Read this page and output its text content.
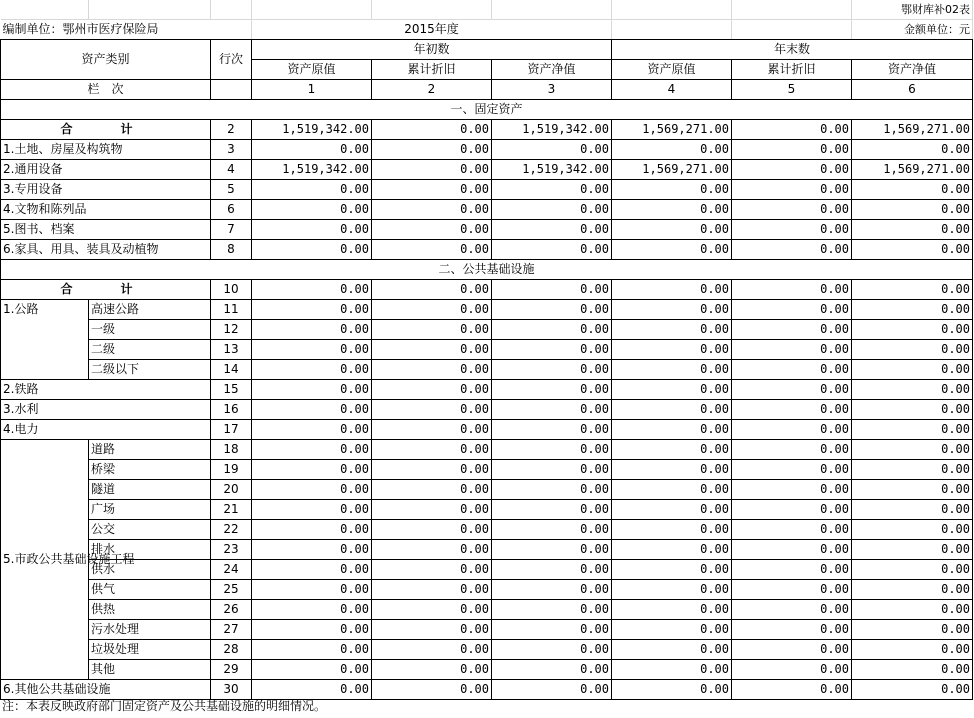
								鄂财库补02表
编制单位：鄂州市医疗保险局			2015年度					金额单位：元
资产类别		行次	年初数			年末数		
			资产原值	累计折旧	资产净值	资产原值	累计折旧	资产净值
栏　次			1	2	3	4	5	6
一、固定资产								
合　计		2	1,519,342.00	0.00	1,519,342.00	1,569,271.00	0.00	1,569,271.00
1.土地、房屋及构筑物		3	0.00	0.00	0.00	0.00	0.00	0.00
2.通用设备		4	1,519,342.00	0.00	1,519,342.00	1,569,271.00	0.00	1,569,271.00
3.专用设备		5	0.00	0.00	0.00	0.00	0.00	0.00
4.文物和陈列品		6	0.00	0.00	0.00	0.00	0.00	0.00
5.图书、档案		7	0.00	0.00	0.00	0.00	0.00	0.00
6.家具、用具、装具及动植物		8	0.00	0.00	0.00	0.00	0.00	0.00
二、公共基础设施								
合　计		10	0.00	0.00	0.00	0.00	0.00	0.00
1.公路	高速公路	11	0.00	0.00	0.00	0.00	0.00	0.00
	一级	12	0.00	0.00	0.00	0.00	0.00	0.00
	二级	13	0.00	0.00	0.00	0.00	0.00	0.00
	二级以下	14	0.00	0.00	0.00	0.00	0.00	0.00
2.铁路		15	0.00	0.00	0.00	0.00	0.00	0.00
3.水利		16	0.00	0.00	0.00	0.00	0.00	0.00
4.电力		17	0.00	0.00	0.00	0.00	0.00	0.00
5.市政公共基础设施工程	道路	18	0.00	0.00	0.00	0.00	0.00	0.00
	桥梁	19	0.00	0.00	0.00	0.00	0.00	0.00
	隧道	20	0.00	0.00	0.00	0.00	0.00	0.00
	广场	21	0.00	0.00	0.00	0.00	0.00	0.00
	公交	22	0.00	0.00	0.00	0.00	0.00	0.00
	排水	23	0.00	0.00	0.00	0.00	0.00	0.00
	供水	24	0.00	0.00	0.00	0.00	0.00	0.00
	供气	25	0.00	0.00	0.00	0.00	0.00	0.00
	供热	26	0.00	0.00	0.00	0.00	0.00	0.00
	污水处理	27	0.00	0.00	0.00	0.00	0.00	0.00
	垃圾处理	28	0.00	0.00	0.00	0.00	0.00	0.00
	其他	29	0.00	0.00	0.00	0.00	0.00	0.00
6.其他公共基础设施		30	0.00	0.00	0.00	0.00	0.00	0.00
注：本表反映政府部门固定资产及公共基础设施的明细情况。
